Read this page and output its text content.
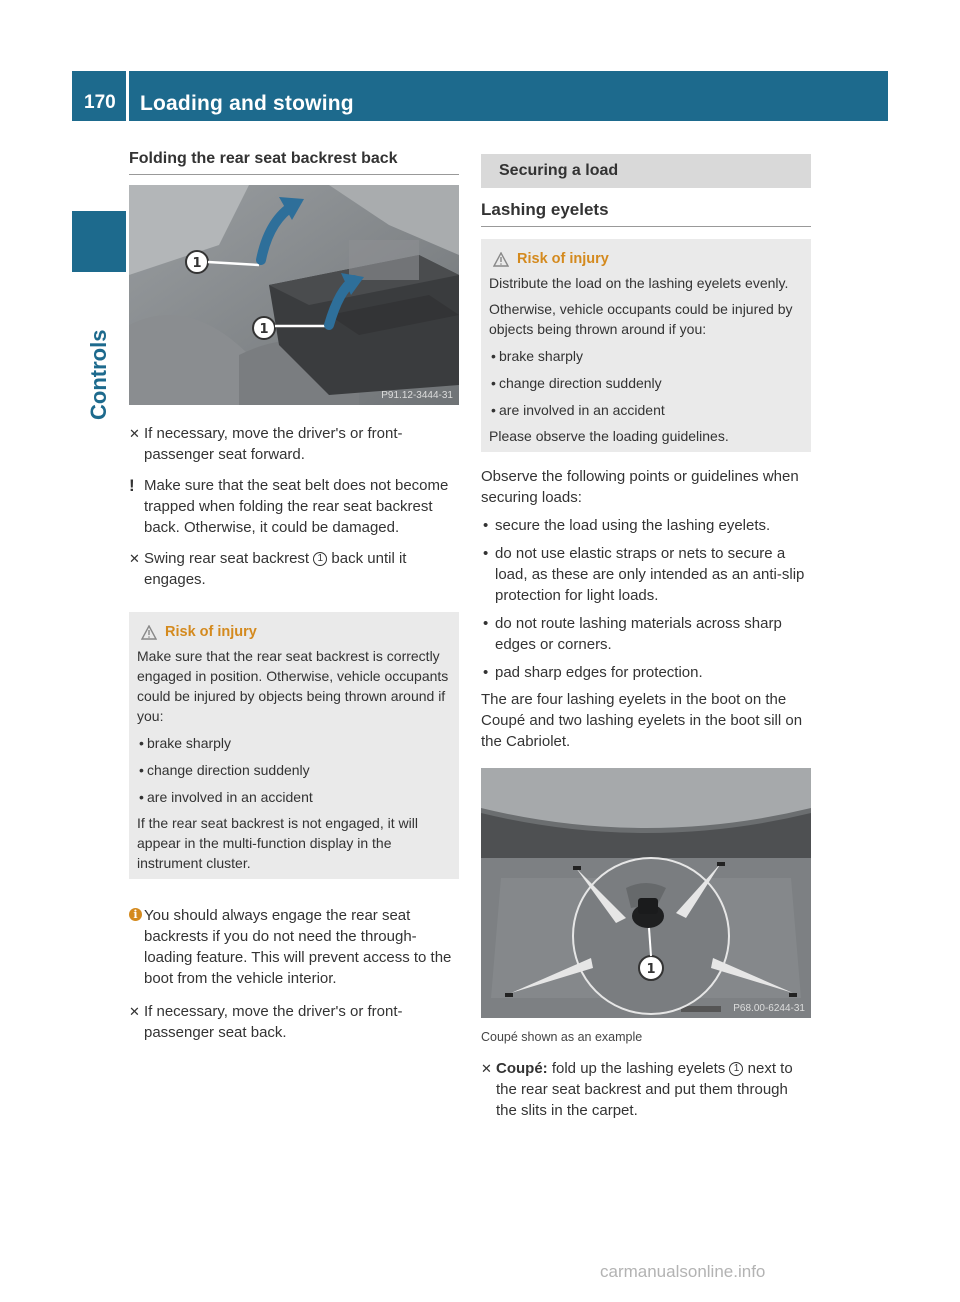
170	Loading and stowing
Controls
Folding the rear seat backrest back
1
1
P91.12-3444-31
✕ If necessary, move the driver's or front-passenger seat forward.
! Make sure that the seat belt does not become trapped when folding the rear seat backrest back. Otherwise, it could be damaged.
✕ Swing rear seat backrest 1 back until it engages.
Risk of injury
Make sure that the rear seat backrest is correctly engaged in position. Otherwise, vehicle occupants could be injured by objects being thrown around if you:
• brake sharply
• change direction suddenly
• are involved in an accident

If the rear seat backrest is not engaged, it will appear in the multi-function display in the instrument cluster.

i You should always engage the rear seat backrests if you do not need the through-loading feature. This will prevent access to the boot from the vehicle interior.
✕ If necessary, move the driver's or front-passenger seat back.
Securing a load
Lashing eyelets
Risk of injury
Distribute the load on the lashing eyelets evenly.

Otherwise, vehicle occupants could be injured by objects being thrown around if you:

• brake sharply
• change direction suddenly
• are involved in an accident

Please observe the loading guidelines.

Observe the following points or guidelines when securing loads:
• secure the load using the lashing eyelets.
• do not use elastic straps or nets to secure a load, as these are only intended as an anti-slip protection for light loads.
• do not route lashing materials across sharp edges or corners.
• pad sharp edges for protection.
The are four lashing eyelets in the boot on the Coupé and two lashing eyelets in the boot sill on the Cabriolet.
1
P68.00-6244-31
Coupé shown as an example
✕ Coupé: fold up the lashing eyelets 1 next to the rear seat backrest and put them through the slits in the carpet.
carmanualsonline.info
